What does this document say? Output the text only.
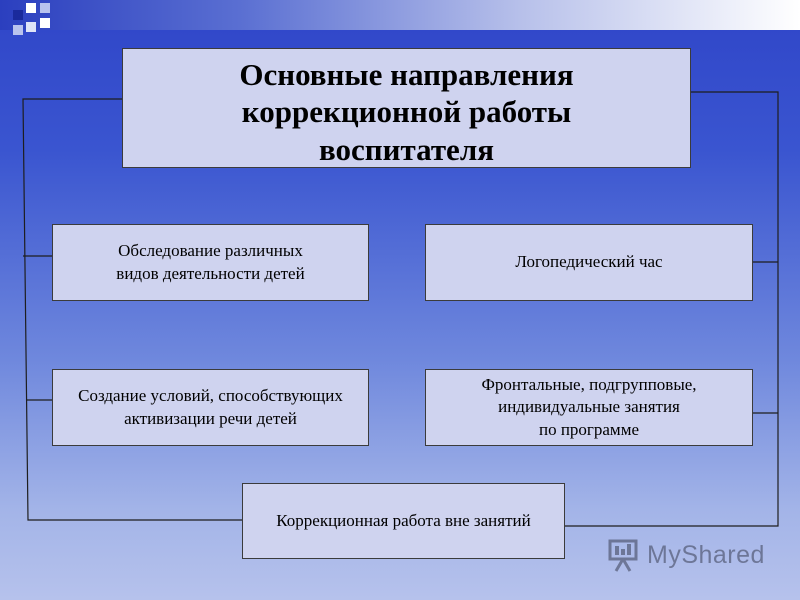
Основные направления
коррекционной работы
воспитателя
Обследование различных
видов деятельности детей
Логопедический час
Создание условий, способствующих
активизации речи детей
Фронтальные, подгрупповые,
индивидуальные занятия
по программе
Коррекционная работа вне занятий
MyShared
